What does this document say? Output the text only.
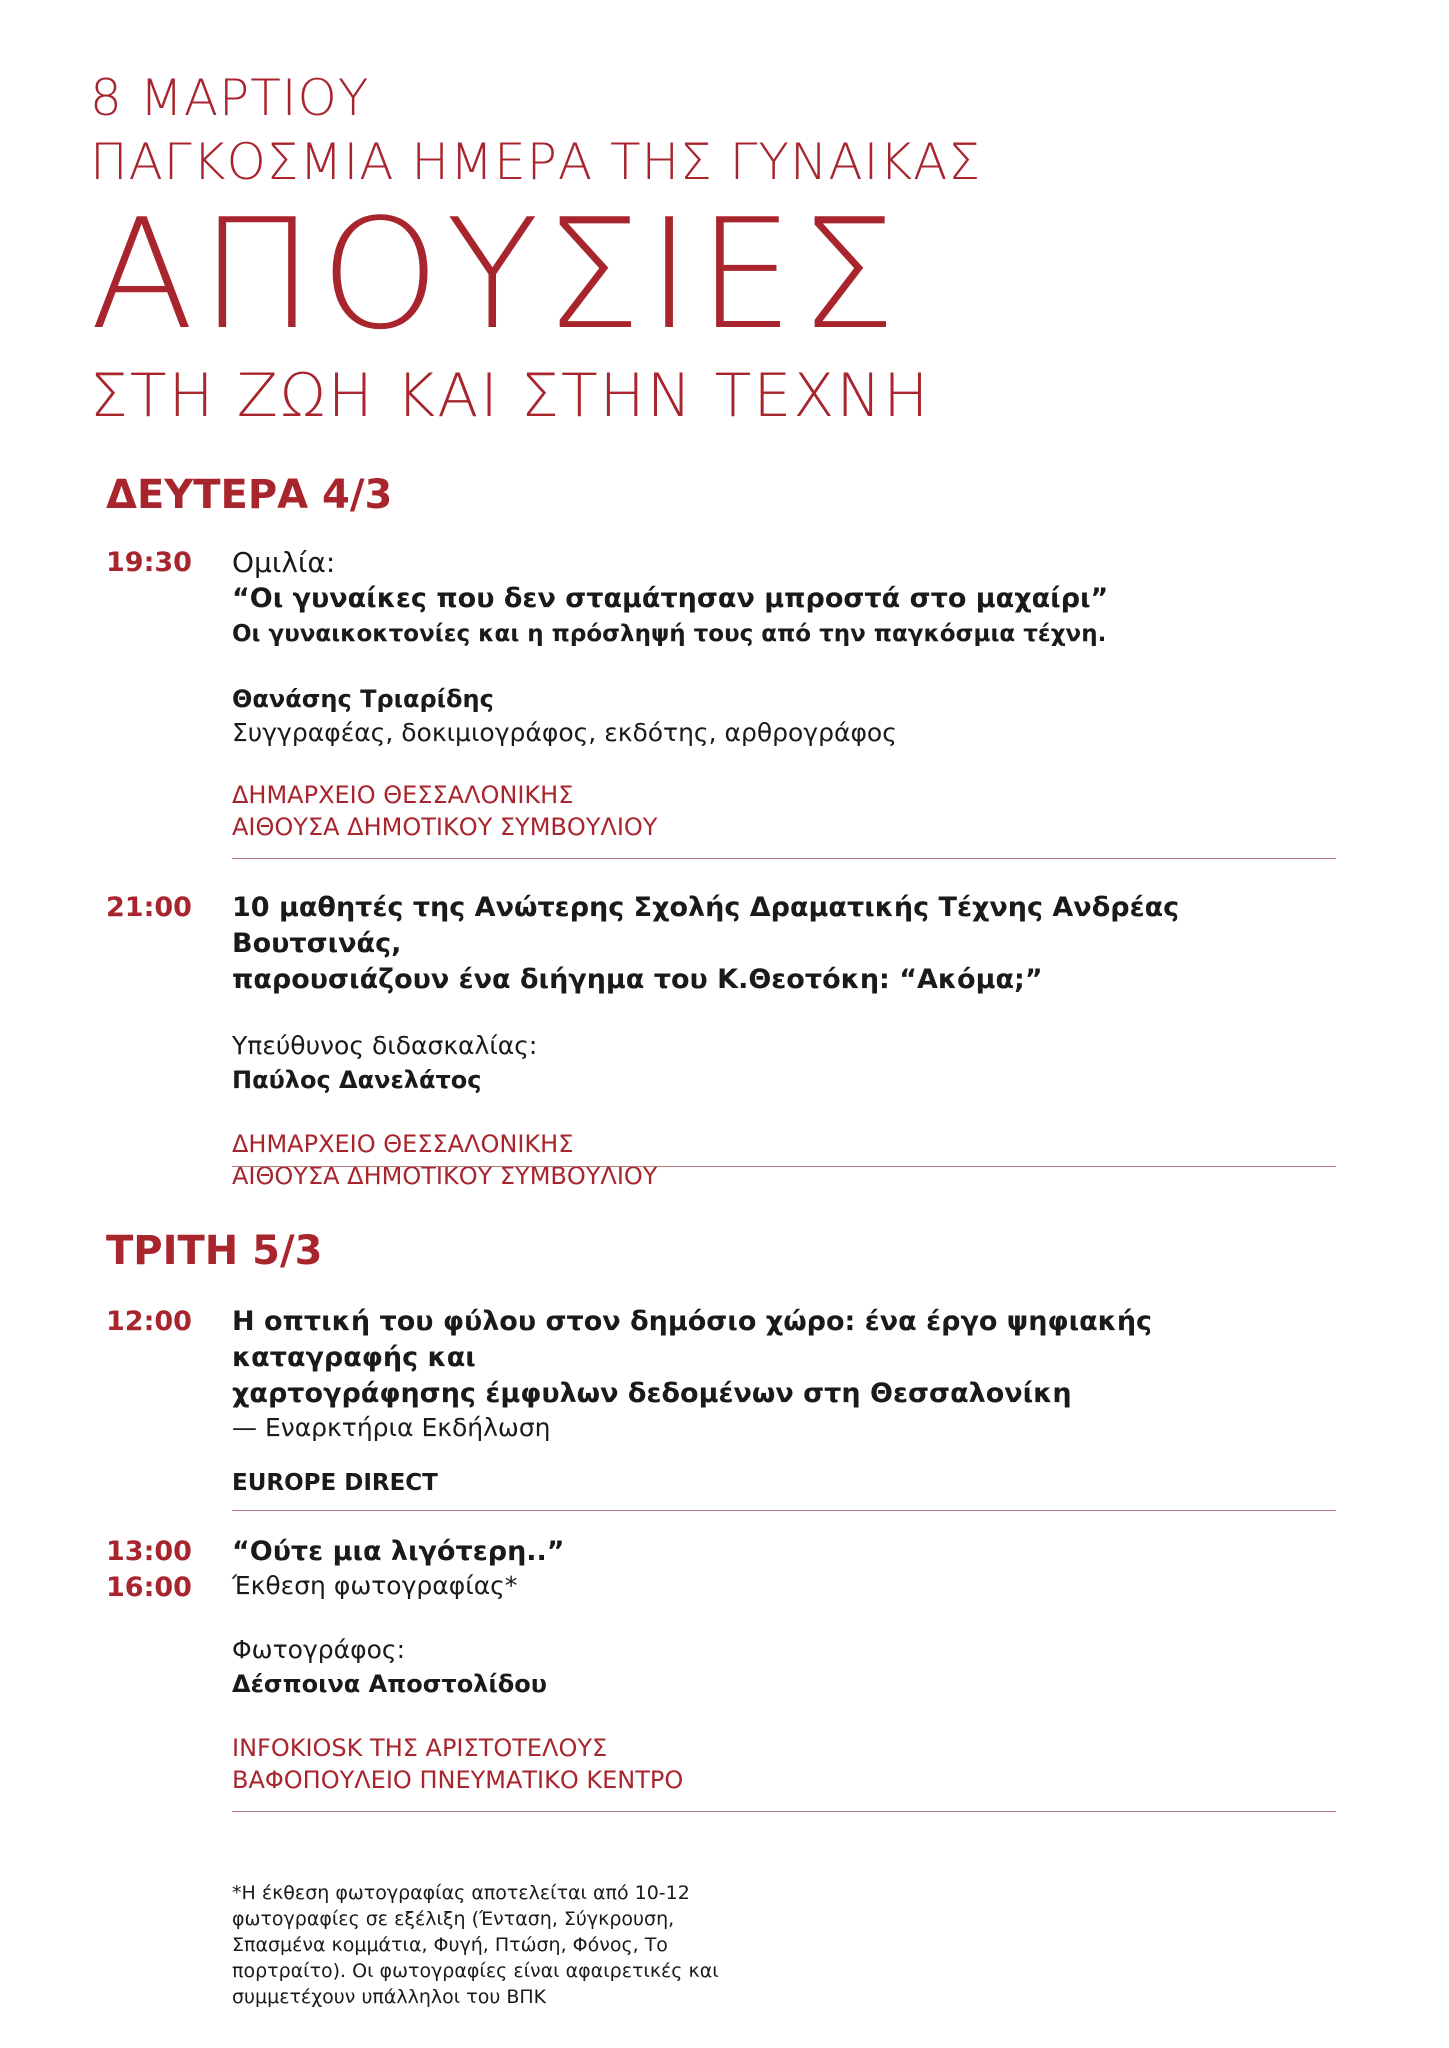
8 ΜΑΡΤΙΟΥ
ΠΑΓΚΟΣΜΙΑ ΗΜΕΡΑ ΤΗΣ ΓΥΝΑΙΚΑΣ
ΑΠΟΥΣΙΕΣ
ΣΤΗ ΖΩΗ ΚΑΙ ΣΤΗΝ ΤΕΧΝΗ
ΔΕΥΤΕΡΑ 4/3
19:30 Ομιλία:
“Οι γυναίκες που δεν σταμάτησαν μπροστά στο μαχαίρι”
Οι γυναικοκτονίες και η πρόσληψή τους από την παγκόσμια τέχνη.
Θανάσης Τριαρίδης
Συγγραφέας, δοκιμιογράφος, εκδότης, αρθρογράφος
ΔΗΜΑΡΧΕΙΟ ΘΕΣΣΑΛΟΝΙΚΗΣ
ΑΙΘΟΥΣΑ ΔΗΜΟΤΙΚΟΥ ΣΥΜΒΟΥΛΙΟΥ
21:00 10 μαθητές της Ανώτερης Σχολής Δραματικής Τέχνης Ανδρέας Βουτσινάς,
παρουσιάζουν ένα διήγημα του Κ.Θεοτόκη: “Ακόμα;”
Υπεύθυνος διδασκαλίας:
Παύλος Δανελάτος
ΔΗΜΑΡΧΕΙΟ ΘΕΣΣΑΛΟΝΙΚΗΣ
ΑΙΘΟΥΣΑ ΔΗΜΟΤΙΚΟΥ ΣΥΜΒΟΥΛΙΟΥ
ΤΡΙΤΗ 5/3
12:00 Η οπτική του φύλου στον δημόσιο χώρο: ένα έργο ψηφιακής καταγραφής και
χαρτογράφησης έμφυλων δεδομένων στη Θεσσαλονίκη
— Εναρκτήρια Εκδήλωση
EUROPE DIRECT
13:00
16:00
“Ούτε μια λιγότερη..”
Έκθεση φωτογραφίας*
Φωτογράφος:
Δέσποινα Αποστολίδου
INFOKIOSK ΤΗΣ ΑΡΙΣΤΟΤΕΛΟΥΣ
ΒΑΦΟΠΟΥΛΕΙΟ ΠΝΕΥΜΑΤΙΚΟ ΚΕΝΤΡΟ
*Η έκθεση φωτογραφίας αποτελείται από 10-12
φωτογραφίες σε εξέλιξη (Ένταση, Σύγκρουση,
Σπασμένα κομμάτια, Φυγή, Πτώση, Φόνος, Το
πορτραίτο). Οι φωτογραφίες είναι αφαιρετικές και
συμμετέχουν υπάλληλοι του ΒΠΚ
